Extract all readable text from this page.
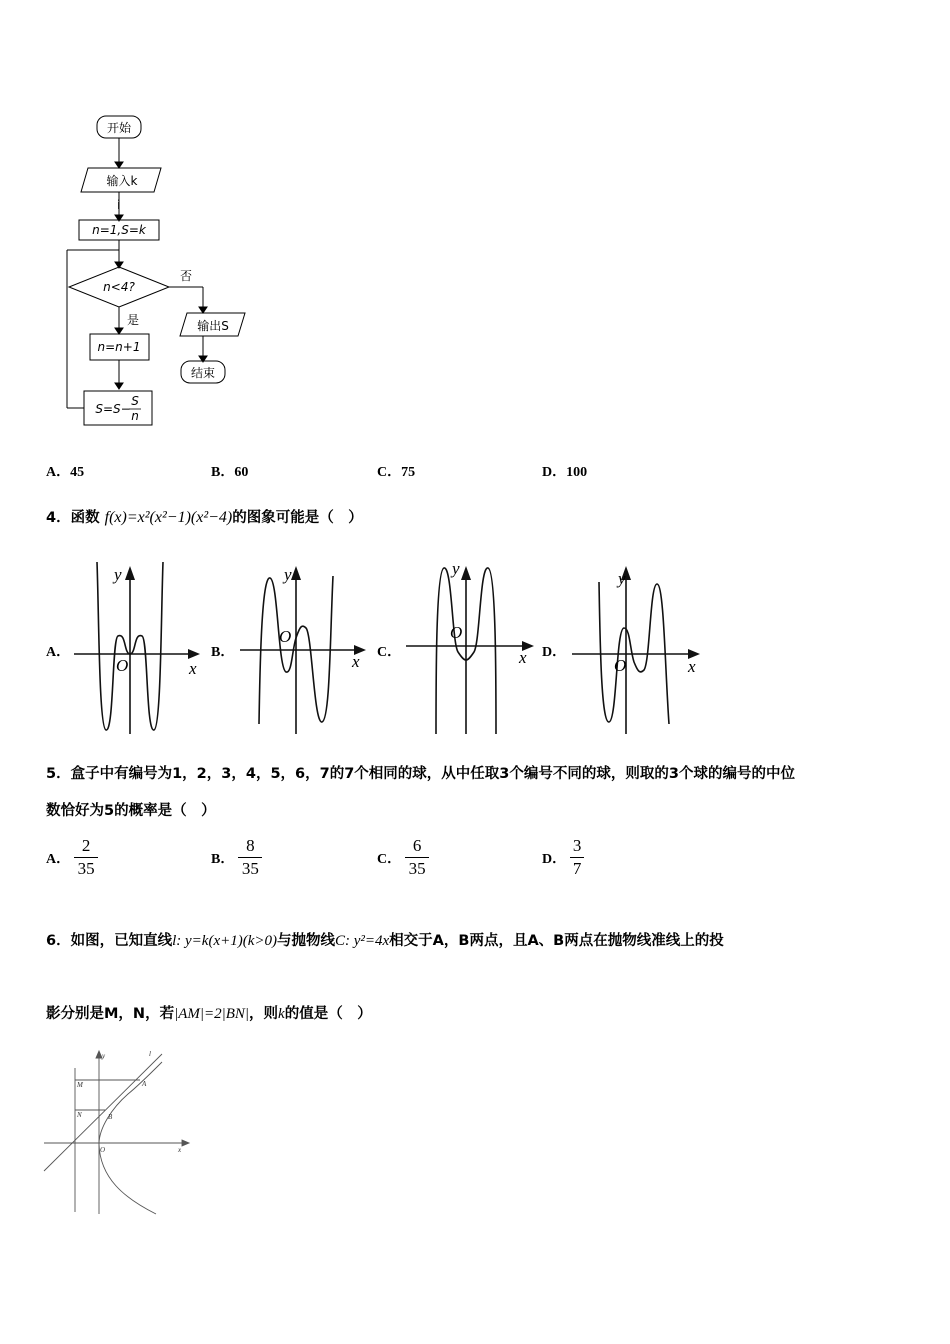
开始
输入k
i
n=1,S=k
n<4?
否
是	输出S
结束
n=n+1
S=S−
S
n
A．45	B．60	C．75	D．100
4．函数 f(x)=x²(x²−1)(x²−4)的图象可能是（　）
A．	B．	C．	D．
y
x
O
y
x
O
y
x
O
y
x
O
5．盒子中有编号为1，2，3，4，5，6，7的7个相同的球，从中任取3个编号不同的球，则取的3个球的编号的中位
数恰好为5的概率是（　）
A． $\frac{2}{35}$	B． $\frac{8}{35}$	C． $\frac{6}{35}$	D． $\frac{3}{7}$
6．如图，已知直线l: y=k(x+1)(k>0)与抛物线C: y²=4x相交于A，B两点，且A、B两点在抛物线准线上的投
影分别是M，N，若|AM|=2|BN|，则k的值是（　）
y
x
l
M	A
N	B
O
